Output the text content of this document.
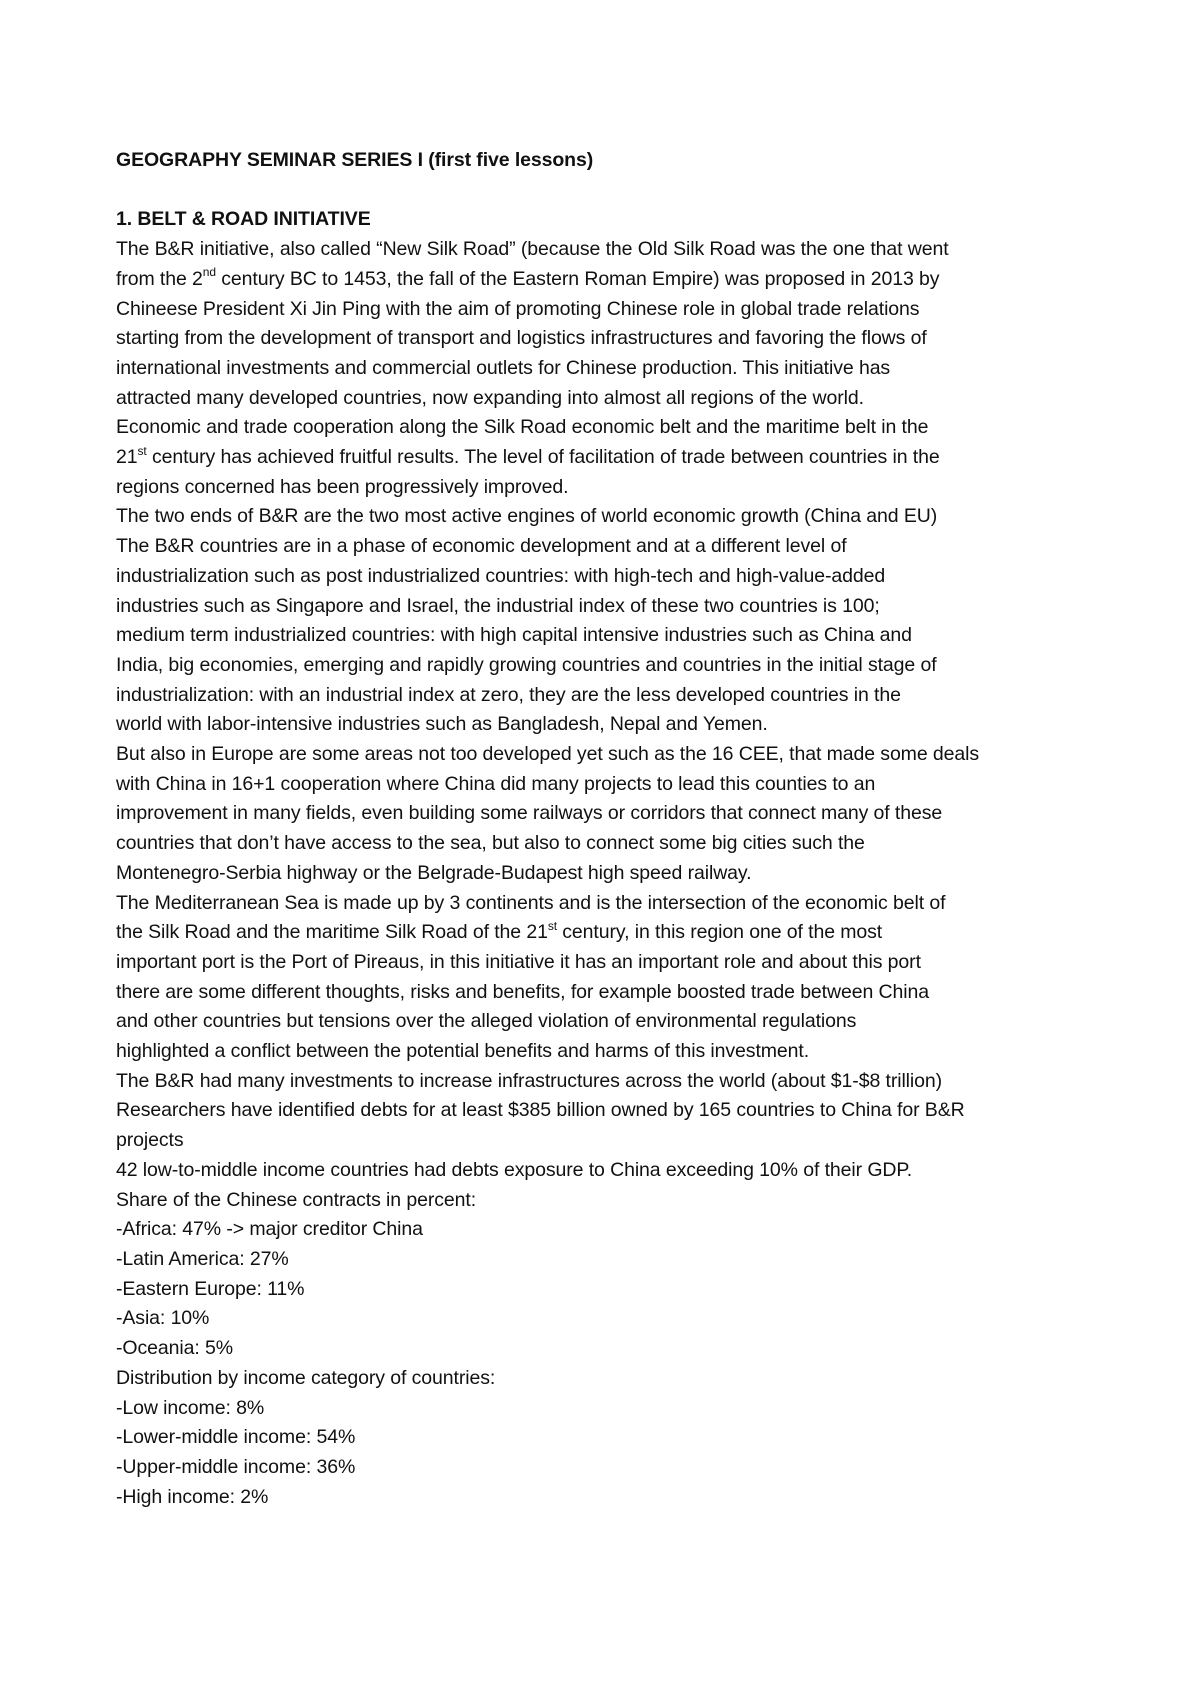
GEOGRAPHY SEMINAR SERIES I (first five lessons)
1. BELT & ROAD INITIATIVE
The B&R initiative, also called “New Silk Road” (because the Old Silk Road was the one that went
from the 2nd century BC to 1453, the fall of the Eastern Roman Empire) was proposed in 2013 by
Chineese President Xi Jin Ping with the aim of promoting Chinese role in global trade relations
starting from the development of transport and logistics infrastructures and favoring the flows of
international investments and commercial outlets for Chinese production. This initiative has
attracted many developed countries, now expanding into almost all regions of the world.
Economic and trade cooperation along the Silk Road economic belt and the maritime belt in the
21st century has achieved fruitful results. The level of facilitation of trade between countries in the
regions concerned has been progressively improved.
The two ends of B&R are the two most active engines of world economic growth (China and EU)
The B&R countries are in a phase of economic development and at a different level of
industrialization such as post industrialized countries: with high-tech and high-value-added
industries such as Singapore and Israel, the industrial index of these two countries is 100;
medium term industrialized countries: with high capital intensive industries such as China and
India, big economies, emerging and rapidly growing countries and countries in the initial stage of
industrialization: with an industrial index at zero, they are the less developed countries in the
world with labor-intensive industries such as Bangladesh, Nepal and Yemen.
But also in Europe are some areas not too developed yet such as the 16 CEE, that made some deals
with China in 16+1 cooperation where China did many projects to lead this counties to an
improvement in many fields, even building some railways or corridors that connect many of these
countries that don’t have access to the sea, but also to connect some big cities such the
Montenegro-Serbia highway or the Belgrade-Budapest high speed railway.
The Mediterranean Sea is made up by 3 continents and is the intersection of the economic belt of
the Silk Road and the maritime Silk Road of the 21st century, in this region one of the most
important port is the Port of Pireaus, in this initiative it has an important role and about this port
there are some different thoughts, risks and benefits, for example boosted trade between China
and other countries but tensions over the alleged violation of environmental regulations
highlighted a conflict between the potential benefits and harms of this investment.
The B&R had many investments to increase infrastructures across the world (about $1-$8 trillion)
Researchers have identified debts for at least $385 billion owned by 165 countries to China for B&R
projects
42 low-to-middle income countries had debts exposure to China exceeding 10% of their GDP.
Share of the Chinese contracts in percent:
-Africa: 47% -> major creditor China
-Latin America: 27%
-Eastern Europe: 11%
-Asia: 10%
-Oceania: 5%
Distribution by income category of countries:
-Low income: 8%
-Lower-middle income: 54%
-Upper-middle income: 36%
-High income: 2%
